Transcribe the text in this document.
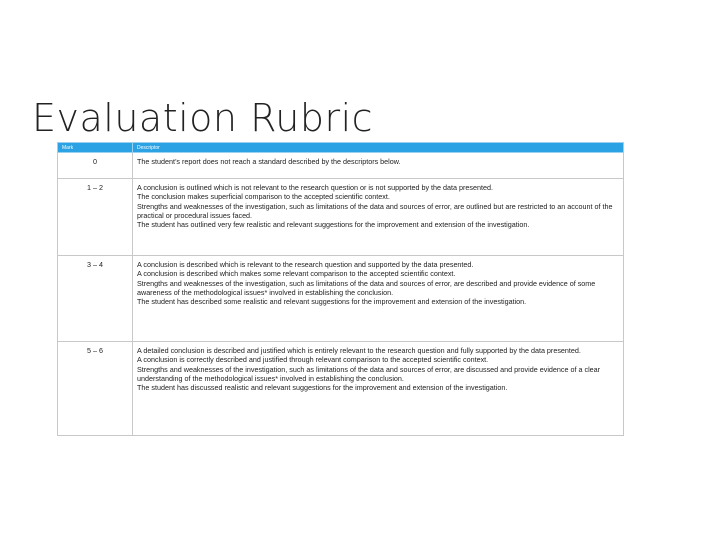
Evaluation Rubric
Mark	Descriptor
0	The student’s report does not reach a standard described by the descriptors below.

1 – 2	A conclusion is outlined which is not relevant to the research question or is not supported by the data presented.
The conclusion makes superficial comparison to the accepted scientific context.
Strengths and weaknesses of the investigation, such as limitations of the data and sources of error, are outlined but are restricted to an account of the practical or procedural issues faced.
The student has outlined very few realistic and relevant suggestions for the improvement and extension of the investigation.

3 – 4	A conclusion is described which is relevant to the research question and supported by the data presented.
A conclusion is described which makes some relevant comparison to the accepted scientific context.
Strengths and weaknesses of the investigation, such as limitations of the data and sources of error, are described and provide evidence of some awareness of the methodological issues* involved in establishing the conclusion.
The student has described some realistic and relevant suggestions for the improvement and extension of the investigation.

5 – 6	A detailed conclusion is described and justified which is entirely relevant to the research question and fully supported by the data presented.
A conclusion is correctly described and justified through relevant comparison to the accepted scientific context.
Strengths and weaknesses of the investigation, such as limitations of the data and sources of error, are discussed and provide evidence of a clear understanding of the methodological issues* involved in establishing the conclusion.
The student has discussed realistic and relevant suggestions for the improvement and extension of the investigation.
